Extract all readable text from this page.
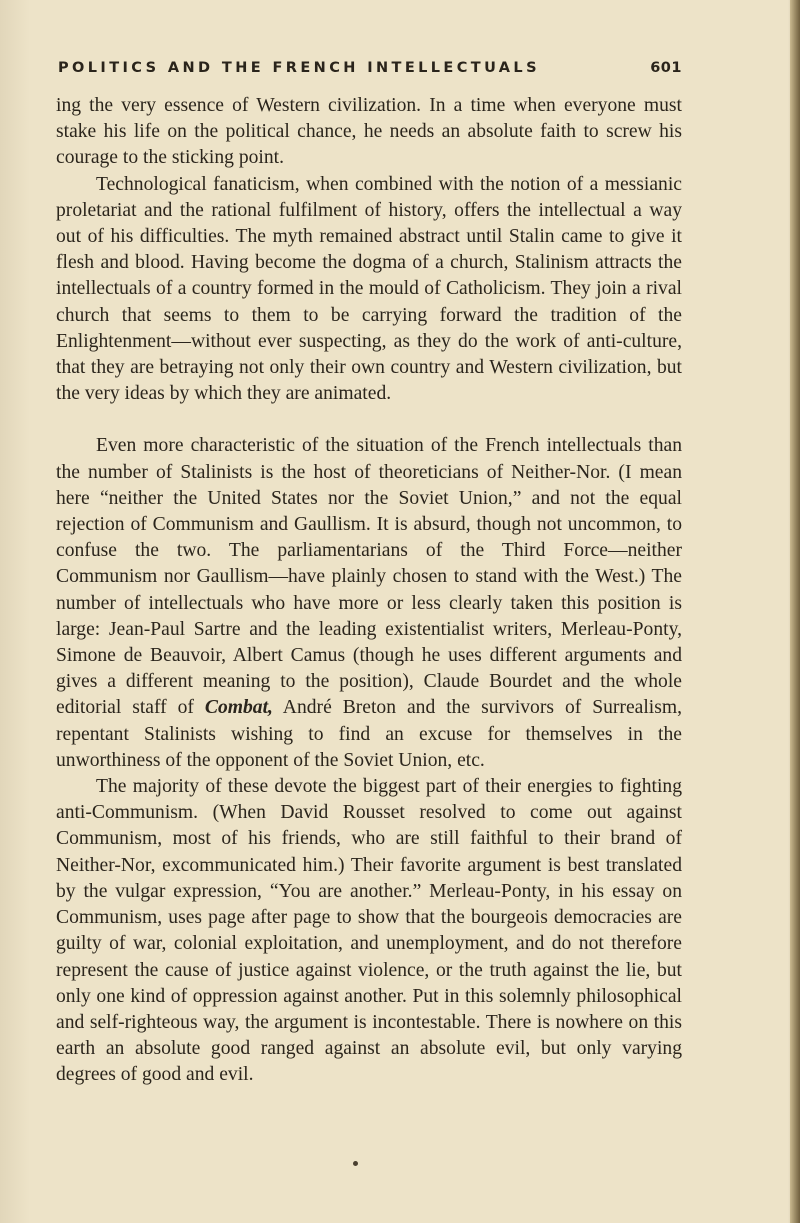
POLITICS AND THE FRENCH INTELLECTUALS	601

ing the very essence of Western civilization. In a time when everyone must stake his life on the political chance, he needs an absolute faith to screw his courage to the sticking point.

Technological fanaticism, when combined with the notion of a messianic proletariat and the rational fulfilment of history, offers the intellectual a way out of his difficulties. The myth remained abstract until Stalin came to give it flesh and blood. Having become the dogma of a church, Stalinism attracts the intellectuals of a country formed in the mould of Catholicism. They join a rival church that seems to them to be carrying forward the tradition of the Enlightenment—without ever suspecting, as they do the work of anti-culture, that they are betraying not only their own country and Western civilization, but the very ideas by which they are animated.

Even more characteristic of the situation of the French intellectuals than the number of Stalinists is the host of theoreticians of Neither-Nor. (I mean here “neither the United States nor the Soviet Union,” and not the equal rejection of Communism and Gaullism. It is absurd, though not uncommon, to confuse the two. The parliamentarians of the Third Force—neither Communism nor Gaullism—have plainly chosen to stand with the West.) The number of intellectuals who have more or less clearly taken this position is large: Jean-Paul Sartre and the leading existentialist writers, Merleau-Ponty, Simone de Beauvoir, Albert Camus (though he uses different arguments and gives a different meaning to the position), Claude Bourdet and the whole editorial staff of Combat, André Breton and the survivors of Surrealism, repentant Stalinists wishing to find an excuse for themselves in the unworthiness of the opponent of the Soviet Union, etc.

The majority of these devote the biggest part of their energies to fighting anti-Communism. (When David Rousset resolved to come out against Communism, most of his friends, who are still faithful to their brand of Neither-Nor, excommunicated him.) Their favorite argument is best translated by the vulgar expression, “You are another.” Merleau-Ponty, in his essay on Communism, uses page after page to show that the bourgeois democracies are guilty of war, colonial exploitation, and unemployment, and do not therefore represent the cause of justice against violence, or the truth against the lie, but only one kind of oppression against another. Put in this solemnly philosophical and self-righteous way, the argument is incontestable. There is nowhere on this earth an absolute good ranged against an absolute evil, but only varying degrees of good and evil.
